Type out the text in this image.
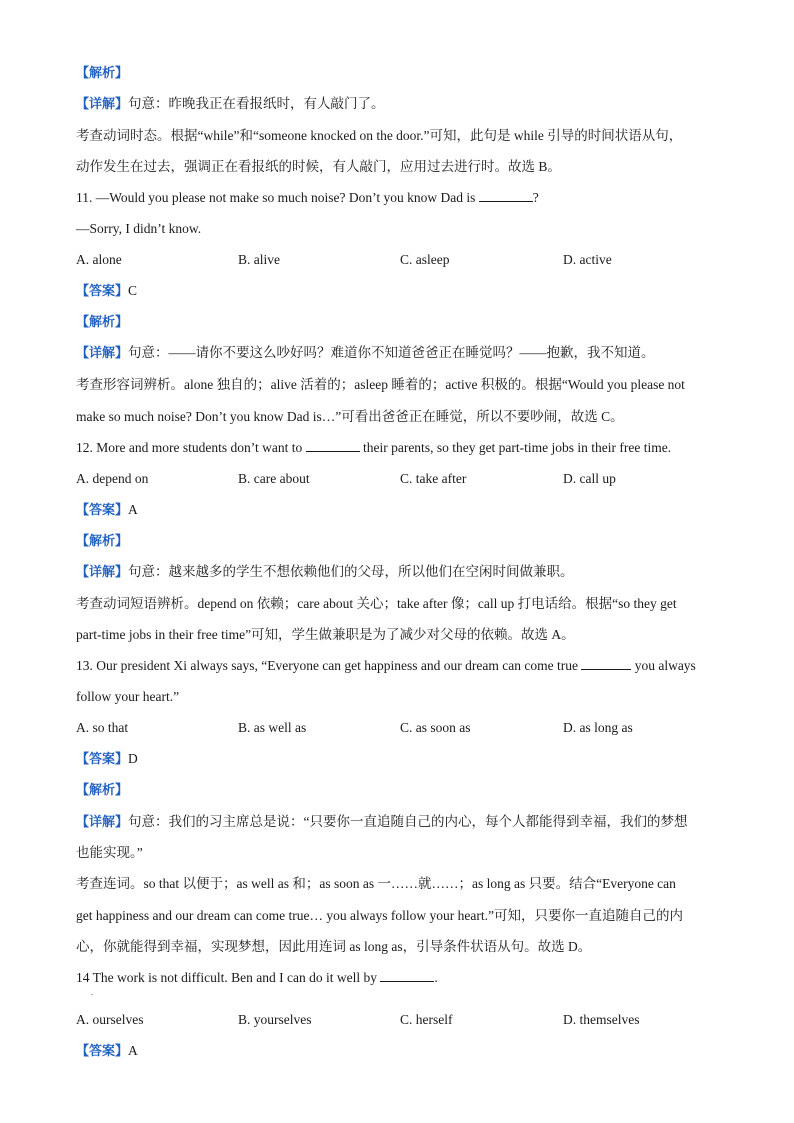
【解析】
【详解】句意：昨晚我正在看报纸时，有人敲门了。
考查动词时态。根据“while”和“someone knocked on the door.”可知，此句是 while 引导的时间状语从句，
动作发生在过去，强调正在看报纸的时候，有人敲门，应用过去进行时。故选 B。
11. —Would you please not make so much noise? Don’t you know Dad is	?
—Sorry, I didn’t know.
A. alone	B. alive	C. asleep	D. active
【答案】C
【解析】
【详解】句意：——请你不要这么吵好吗？难道你不知道爸爸正在睡觉吗？——抱歉，我不知道。
考查形容词辨析。alone 独自的；alive 活着的；asleep 睡着的；active 积极的。根据“Would you please not
make so much noise? Don’t you know Dad is…”可看出爸爸正在睡觉，所以不要吵闹，故选 C。
12. More and more students don’t want to	their parents, so they get part-time jobs in their free time.
A. depend on	B. care about	C. take after	D. call up
【答案】A
【解析】
【详解】句意：越来越多的学生不想依赖他们的父母，所以他们在空闲时间做兼职。
考查动词短语辨析。depend on 依赖；care about 关心；take after 像；call up 打电话给。根据“so they get
part-time jobs in their free time”可知，学生做兼职是为了减少对父母的依赖。故选 A。
13. Our president Xi always says, “Everyone can get happiness and our dream can come true	you always
follow your heart.”
A. so that	B. as well as	C. as soon as	D. as long as
【答案】D
【解析】
【详解】句意：我们的习主席总是说：“只要你一直追随自己的内心，每个人都能得到幸福，我们的梦想
也能实现。”
考查连词。so that 以便于；as well as 和；as soon as 一……就……；as long as 只要。结合“Everyone can
get happiness and our dream can come true… you always follow your heart.”可知，只要你一直追随自己的内
心，你就能得到幸福，实现梦想，因此用连词 as long as，引导条件状语从句。故选 D。
14 The work is not difficult. Ben and I can do it well by	.
.
A. ourselves	B. yourselves	C. herself	D. themselves
【答案】A
